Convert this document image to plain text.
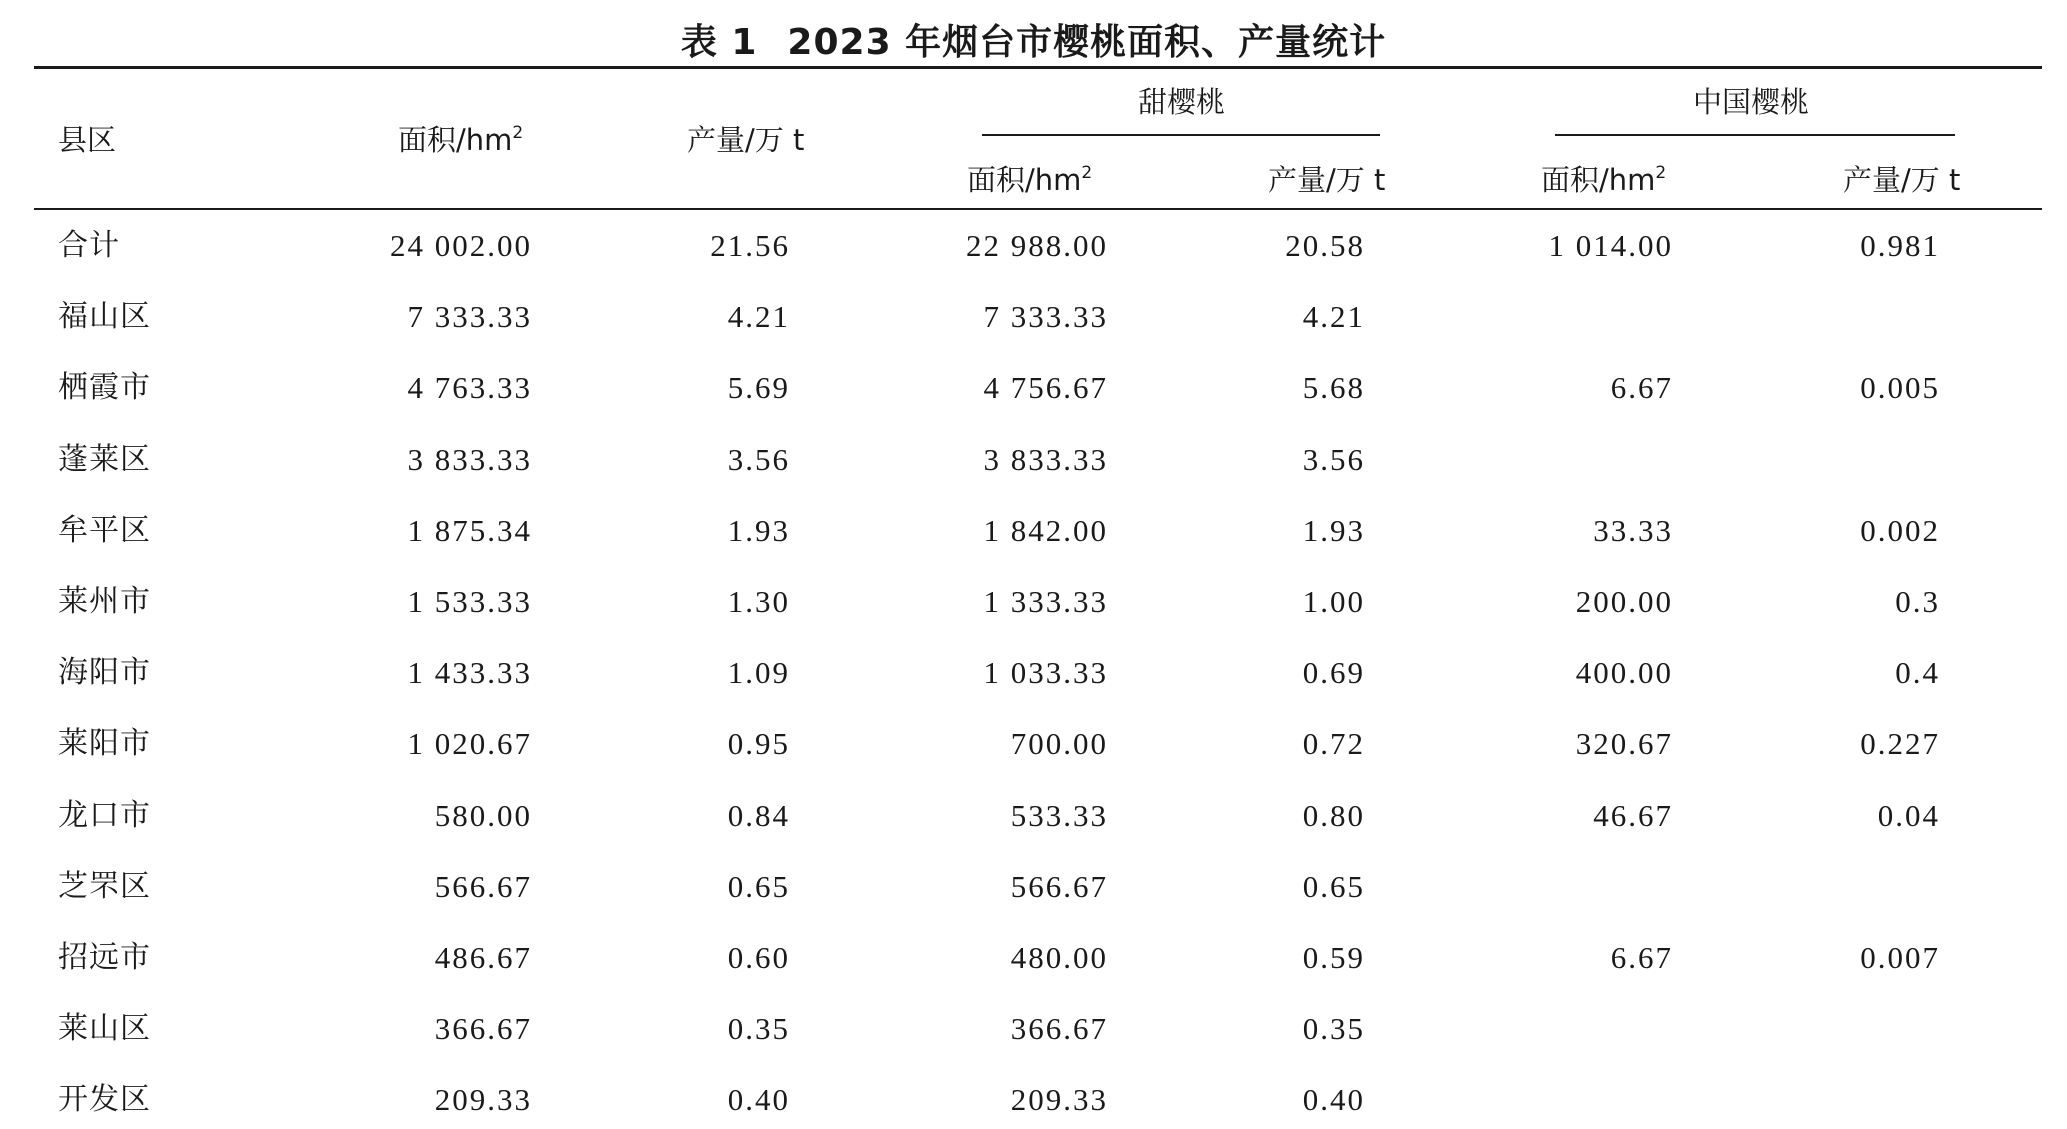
表 1 2023 年烟台市樱桃面积、产量统计
县区	面积$/hm^2$	产量/万 t
甜樱桃	中国樱桃
面积$/hm^2$	产量/万 t	面积$/hm^2$	产量/万 t
合计	24 002.00	21.56	22 988.00	20.58	1 014.00	0.981
福山区	7 333.33	4.21	7 333.33	4.21
栖霞市	4 763.33	5.69	4 756.67	5.68	6.67	0.005
蓬莱区	3 833.33	3.56	3 833.33	3.56
牟平区	1 875.34	1.93	1 842.00	1.93	33.33	0.002
莱州市	1 533.33	1.30	1 333.33	1.00	200.00	0.3
海阳市	1 433.33	1.09	1 033.33	0.69	400.00	0.4
莱阳市	1 020.67	0.95	700.00	0.72	320.67	0.227
龙口市	580.00	0.84	533.33	0.80	46.67	0.04
芝罘区	566.67	0.65	566.67	0.65
招远市	486.67	0.60	480.00	0.59	6.67	0.007
莱山区	366.67	0.35	366.67	0.35
开发区	209.33	0.40	209.33	0.40
